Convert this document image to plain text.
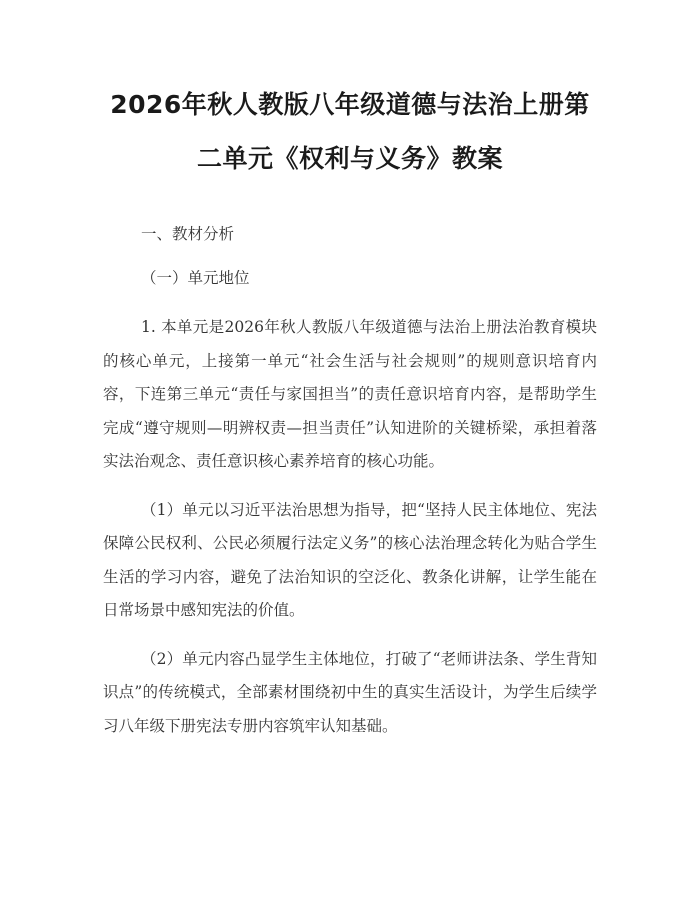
2026年秋人教版八年级道德与法治上册第二单元《权利与义务》教案

一、教材分析

（一）单元地位

1. 本单元是2026年秋人教版八年级道德与法治上册法治教育模块的核心单元，上接第一单元“社会生活与社会规则”的规则意识培育内容，下连第三单元“责任与家国担当”的责任意识培育内容，是帮助学生完成“遵守规则—明辨权责—担当责任”认知进阶的关键桥梁，承担着落实法治观念、责任意识核心素养培育的核心功能。

（1）单元以习近平法治思想为指导，把“坚持人民主体地位、宪法保障公民权利、公民必须履行法定义务”的核心法治理念转化为贴合学生生活的学习内容，避免了法治知识的空泛化、教条化讲解，让学生能在日常场景中感知宪法的价值。

（2）单元内容凸显学生主体地位，打破了“老师讲法条、学生背知识点”的传统模式，全部素材围绕初中生的真实生活设计，为学生后续学习八年级下册宪法专册内容筑牢认知基础。
